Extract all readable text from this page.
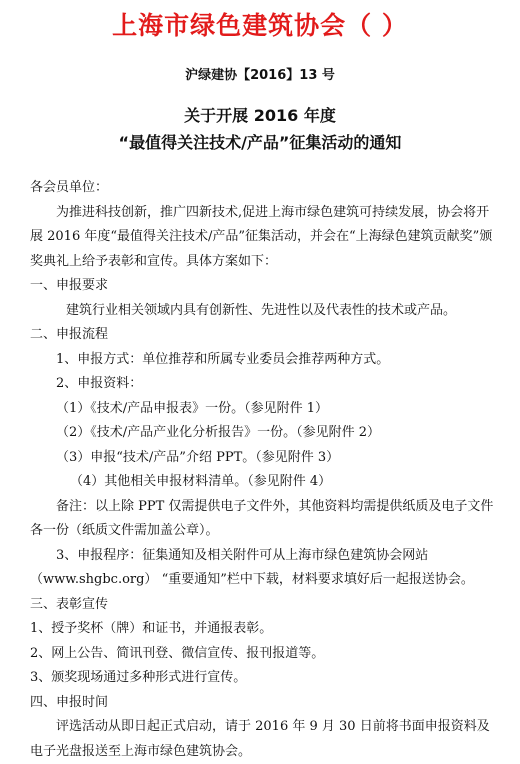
上海市绿色建筑协会（ ）
沪绿建协【2016】13 号
关于开展 2016 年度
“最值得关注技术/产品”征集活动的通知

各会员单位：

为推进科技创新，推广四新技术,促进上海市绿色建筑可持续发展，协会将开展 2016 年度“最值得关注技术/产品”征集活动，并会在“上海绿色建筑贡献奖”颁奖典礼上给予表彰和宣传。具体方案如下：

一、申报要求

建筑行业相关领域内具有创新性、先进性以及代表性的技术或产品。

二、申报流程

1、申报方式：单位推荐和所属专业委员会推荐两种方式。

2、申报资料：

（1）《技术/产品申报表》一份。（参见附件 1）

（2）《技术/产品产业化分析报告》一份。（参见附件 2）

（3）申报“技术/产品”介绍 PPT。（参见附件 3）

（4）其他相关申报材料清单。（参见附件 4）

备注：以上除 PPT 仅需提供电子文件外，其他资料均需提供纸质及电子文件各一份（纸质文件需加盖公章）。

3、申报程序：征集通知及相关附件可从上海市绿色建筑协会网站（www.shgbc.org） “重要通知”栏中下载，材料要求填好后一起报送协会。

三、表彰宣传

1、授予奖杯（牌）和证书，并通报表彰。

2、网上公告、简讯刊登、微信宣传、报刊报道等。

3、颁奖现场通过多种形式进行宣传。

四、申报时间

评选活动从即日起正式启动，请于 2016 年 9 月 30 日前将书面申报资料及电子光盘报送至上海市绿色建筑协会。
